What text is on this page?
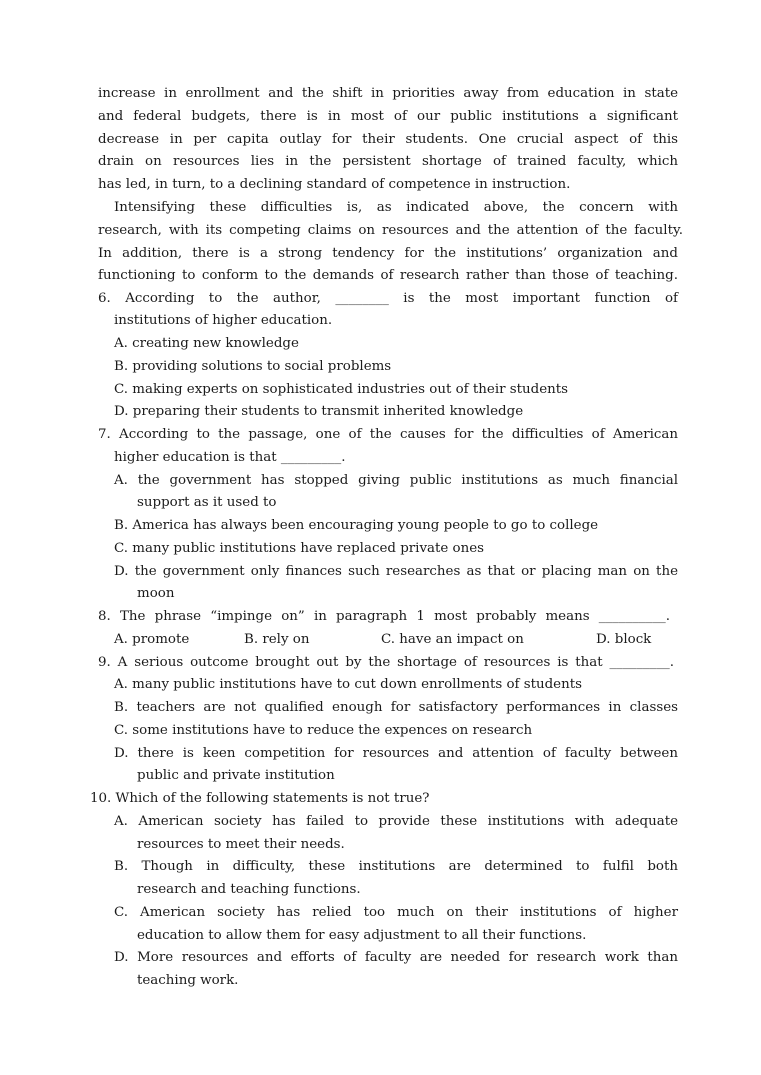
increase in enrollment and the shift in priorities away from education in state
and federal budgets, there is in most of our public institutions a significant
decrease in per capita outlay for their students. One crucial aspect of this
drain on resources lies in the persistent shortage of trained faculty, which
has led, in turn, to a declining standard of competence in instruction.
Intensifying these difficulties is, as indicated above, the concern with
research, with its competing claims on resources and the attention of the faculty.
In addition, there is a strong tendency for the institutions’ organization and
functioning to conform to the demands of research rather than those of teaching.
6. According to the author, ________ is the most important function of
institutions of higher education.
A. creating new knowledge
B. providing solutions to social problems
C. making experts on sophisticated industries out of their students
D. preparing their students to transmit inherited knowledge
7. According to the passage, one of the causes for the difficulties of American
higher education is that _________.
A. the government has stopped giving public institutions as much financial
support as it used to
B. America has always been encouraging young people to go to college
C. many public institutions have replaced private ones
D. the government only finances such researches as that or placing man on the
moon
8. The phrase “impinge on” in paragraph 1 most probably means __________.
A. promote	B. rely on	C. have an impact on	D. block
9. A serious outcome brought out by the shortage of resources is that _________.
A. many public institutions have to cut down enrollments of students
B. teachers are not qualified enough for satisfactory performances in classes
C. some institutions have to reduce the expences on research
D. there is keen competition for resources and attention of faculty between
public and private institution
10. Which of the following statements is not true?
A. American society has failed to provide these institutions with adequate
resources to meet their needs.
B. Though in difficulty, these institutions are determined to fulfil both
research and teaching functions.
C. American society has relied too much on their institutions of higher
education to allow them for easy adjustment to all their functions.
D. More resources and efforts of faculty are needed for research work than
teaching work.
